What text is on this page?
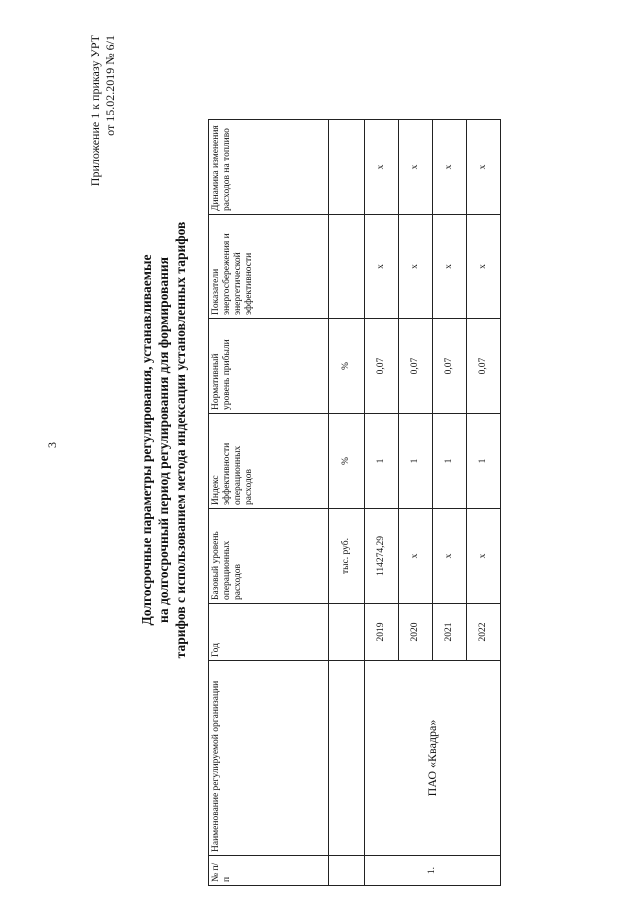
3
Приложение 1 к приказу УРТ от 15.02.2019 № 6/1
Долгосрочные параметры регулирования, устанавливаемые на долгосрочный период регулирования для формирования тарифов с использованием метода индексации установленных тарифов
№ п/п	Наименование регулируемой организации	Год	Базовый уровень операционных расходов	Индекс эффективности операционных расходов	Нормативный уровень прибыли	Показатели энергосбережения и энергетической эффективности	Динамика изменения расходов на топливо
			тыс. руб.	%	%		
1.	ПАО «Квадра»	2019	114274,29	1	0,07	х	х
		2020	х	1	0,07	х	х
		2021	х	1	0,07	х	х
		2022	х	1	0,07	х	х
